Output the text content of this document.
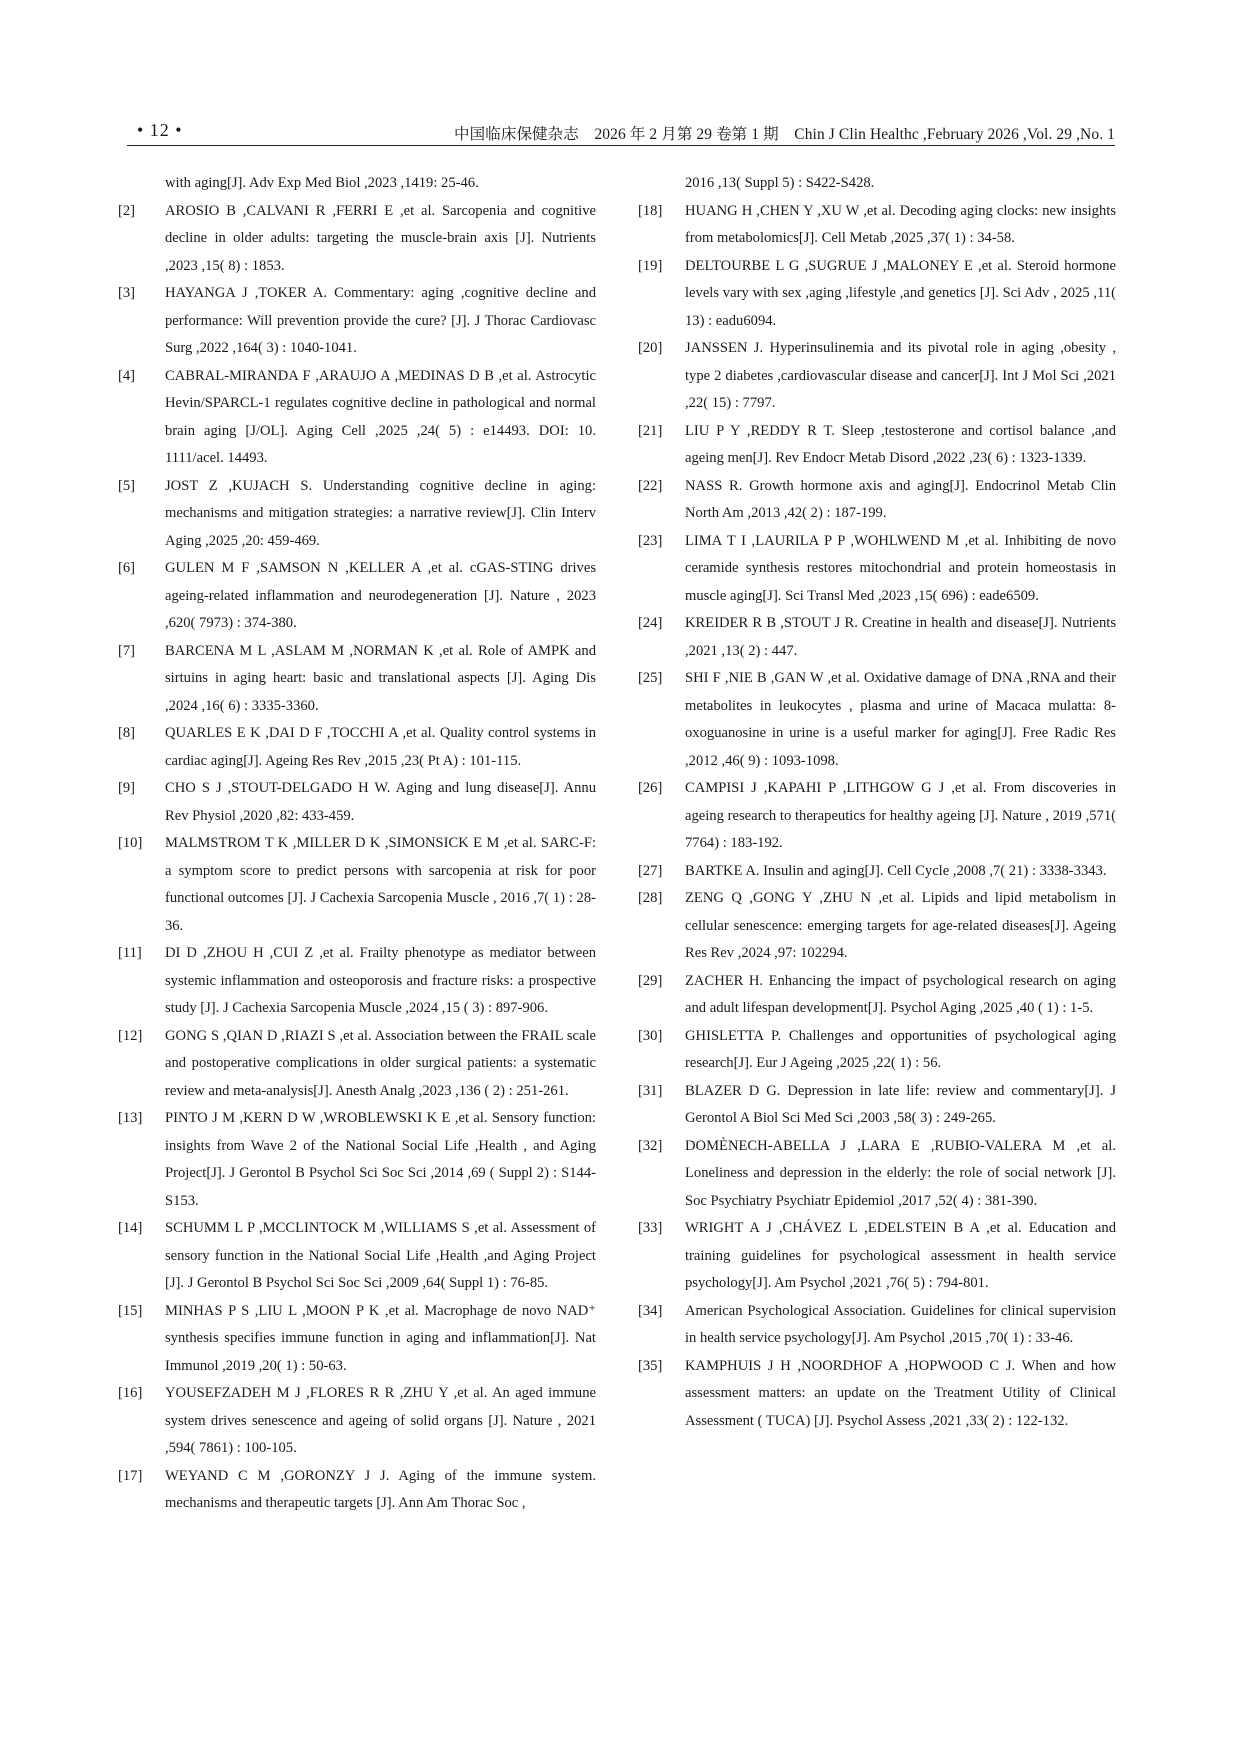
• 12 •	中国临床保健杂志　2026 年 2 月第 29 卷第 1 期　Chin J Clin Healthc ,February 2026 ,Vol. 29 ,No. 1
with aging[J]. Adv Exp Med Biol ,2023 ,1419: 25-46.
[2] AROSIO B ,CALVANI R ,FERRI E ,et al. Sarcopenia and cognitive decline in older adults: targeting the muscle-brain axis [J]. Nutrients ,2023 ,15( 8) : 1853.
[3] HAYANGA J ,TOKER A. Commentary: aging ,cognitive decline and performance: Will prevention provide the cure? [J]. J Thorac Cardiovasc Surg ,2022 ,164( 3) : 1040-1041.
[4] CABRAL-MIRANDA F ,ARAUJO A ,MEDINAS D B ,et al. Astrocytic Hevin/SPARCL-1 regulates cognitive decline in pathological and normal brain aging [J/OL]. Aging Cell ,2025 ,24( 5) : e14493. DOI: 10. 1111/acel. 14493.
[5] JOST Z ,KUJACH S. Understanding cognitive decline in aging: mechanisms and mitigation strategies: a narrative review[J]. Clin Interv Aging ,2025 ,20: 459-469.
[6] GULEN M F ,SAMSON N ,KELLER A ,et al. cGAS-STING drives ageing-related inflammation and neurodegeneration [J]. Nature , 2023 ,620( 7973) : 374-380.
[7] BARCENA M L ,ASLAM M ,NORMAN K ,et al. Role of AMPK and sirtuins in aging heart: basic and translational aspects [J]. Aging Dis ,2024 ,16( 6) : 3335-3360.
[8] QUARLES E K ,DAI D F ,TOCCHI A ,et al. Quality control systems in cardiac aging[J]. Ageing Res Rev ,2015 ,23( Pt A) : 101-115.
[9] CHO S J ,STOUT-DELGADO H W. Aging and lung disease[J]. Annu Rev Physiol ,2020 ,82: 433-459.
[10] MALMSTROM T K ,MILLER D K ,SIMONSICK E M ,et al. SARC-F: a symptom score to predict persons with sarcopenia at risk for poor functional outcomes [J]. J Cachexia Sarcopenia Muscle , 2016 ,7( 1) : 28-36.
[11] DI D ,ZHOU H ,CUI Z ,et al. Frailty phenotype as mediator between systemic inflammation and osteoporosis and fracture risks: a prospective study [J]. J Cachexia Sarcopenia Muscle ,2024 ,15 ( 3) : 897-906.
[12] GONG S ,QIAN D ,RIAZI S ,et al. Association between the FRAIL scale and postoperative complications in older surgical patients: a systematic review and meta-analysis[J]. Anesth Analg ,2023 ,136 ( 2) : 251-261.
[13] PINTO J M ,KERN D W ,WROBLEWSKI K E ,et al. Sensory function: insights from Wave 2 of the National Social Life ,Health , and Aging Project[J]. J Gerontol B Psychol Sci Soc Sci ,2014 ,69 ( Suppl 2) : S144-S153.
[14] SCHUMM L P ,MCCLINTOCK M ,WILLIAMS S ,et al. Assessment of sensory function in the National Social Life ,Health ,and Aging Project [J]. J Gerontol B Psychol Sci Soc Sci ,2009 ,64( Suppl 1) : 76-85.
[15] MINHAS P S ,LIU L ,MOON P K ,et al. Macrophage de novo NAD⁺ synthesis specifies immune function in aging and inflammation[J]. Nat Immunol ,2019 ,20( 1) : 50-63.
[16] YOUSEFZADEH M J ,FLORES R R ,ZHU Y ,et al. An aged immune system drives senescence and ageing of solid organs [J]. Nature , 2021 ,594( 7861) : 100-105.
[17] WEYAND C M ,GORONZY J J. Aging of the immune system. mechanisms and therapeutic targets [J]. Ann Am Thorac Soc ,
2016 ,13( Suppl 5) : S422-S428.
[18] HUANG H ,CHEN Y ,XU W ,et al. Decoding aging clocks: new insights from metabolomics[J]. Cell Metab ,2025 ,37( 1) : 34-58.
[19] DELTOURBE L G ,SUGRUE J ,MALONEY E ,et al. Steroid hormone levels vary with sex ,aging ,lifestyle ,and genetics [J]. Sci Adv , 2025 ,11( 13) : eadu6094.
[20] JANSSEN J. Hyperinsulinemia and its pivotal role in aging ,obesity , type 2 diabetes ,cardiovascular disease and cancer[J]. Int J Mol Sci ,2021 ,22( 15) : 7797.
[21] LIU P Y ,REDDY R T. Sleep ,testosterone and cortisol balance ,and ageing men[J]. Rev Endocr Metab Disord ,2022 ,23( 6) : 1323-1339.
[22] NASS R. Growth hormone axis and aging[J]. Endocrinol Metab Clin North Am ,2013 ,42( 2) : 187-199.
[23] LIMA T I ,LAURILA P P ,WOHLWEND M ,et al. Inhibiting de novo ceramide synthesis restores mitochondrial and protein homeostasis in muscle aging[J]. Sci Transl Med ,2023 ,15( 696) : eade6509.
[24] KREIDER R B ,STOUT J R. Creatine in health and disease[J]. Nutrients ,2021 ,13( 2) : 447.
[25] SHI F ,NIE B ,GAN W ,et al. Oxidative damage of DNA ,RNA and their metabolites in leukocytes , plasma and urine of Macaca mulatta: 8-oxoguanosine in urine is a useful marker for aging[J]. Free Radic Res ,2012 ,46( 9) : 1093-1098.
[26] CAMPISI J ,KAPAHI P ,LITHGOW G J ,et al. From discoveries in ageing research to therapeutics for healthy ageing [J]. Nature , 2019 ,571( 7764) : 183-192.
[27] BARTKE A. Insulin and aging[J]. Cell Cycle ,2008 ,7( 21) : 3338-3343.
[28] ZENG Q ,GONG Y ,ZHU N ,et al. Lipids and lipid metabolism in cellular senescence: emerging targets for age-related diseases[J]. Ageing Res Rev ,2024 ,97: 102294.
[29] ZACHER H. Enhancing the impact of psychological research on aging and adult lifespan development[J]. Psychol Aging ,2025 ,40 ( 1) : 1-5.
[30] GHISLETTA P. Challenges and opportunities of psychological aging research[J]. Eur J Ageing ,2025 ,22( 1) : 56.
[31] BLAZER D G. Depression in late life: review and commentary[J]. J Gerontol A Biol Sci Med Sci ,2003 ,58( 3) : 249-265.
[32] DOMÈNECH-ABELLA J ,LARA E ,RUBIO-VALERA M ,et al. Loneliness and depression in the elderly: the role of social network [J]. Soc Psychiatry Psychiatr Epidemiol ,2017 ,52( 4) : 381-390.
[33] WRIGHT A J ,CHÁVEZ L ,EDELSTEIN B A ,et al. Education and training guidelines for psychological assessment in health service psychology[J]. Am Psychol ,2021 ,76( 5) : 794-801.
[34] American Psychological Association. Guidelines for clinical supervision in health service psychology[J]. Am Psychol ,2015 ,70( 1) : 33-46.
[35] KAMPHUIS J H ,NOORDHOF A ,HOPWOOD C J. When and how assessment matters: an update on the Treatment Utility of Clinical Assessment ( TUCA) [J]. Psychol Assess ,2021 ,33( 2) : 122-132.
